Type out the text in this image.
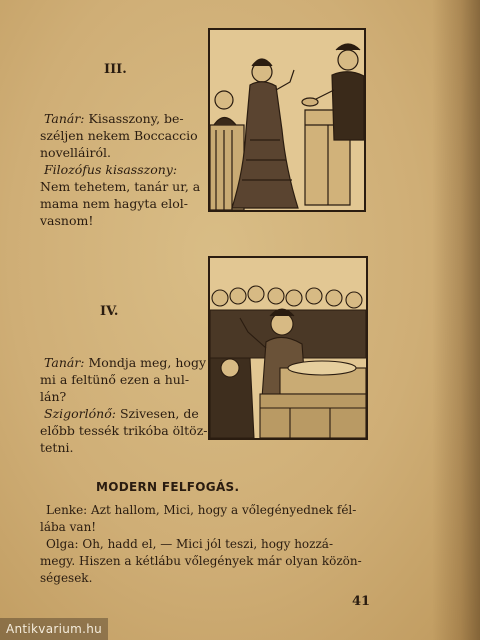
III.
Tanár: Kisasszony, be-
széljen nekem Boccaccio
novelláiról.
Filozófus kisasszony:
Nem tehetem, tanár ur, a
mama nem hagyta elol-
vasnom!
IV.
Tanár: Mondja meg, hogy
mi a feltünő ezen a hul-
lán?
Szigorlónő: Szivesen, de
előbb tessék trikóba öltöz-
tetni.
MODERN FELFOGÁS.
Lenke: Azt hallom, Mici, hogy a vőlegényednek fél-
lába van!
Olga: Oh, hadd el, — Mici jól teszi, hogy hozzá-
megy. Hiszen a kétlábu vőlegények már olyan közön-
ségesek.
41
Antikvarium.hu
